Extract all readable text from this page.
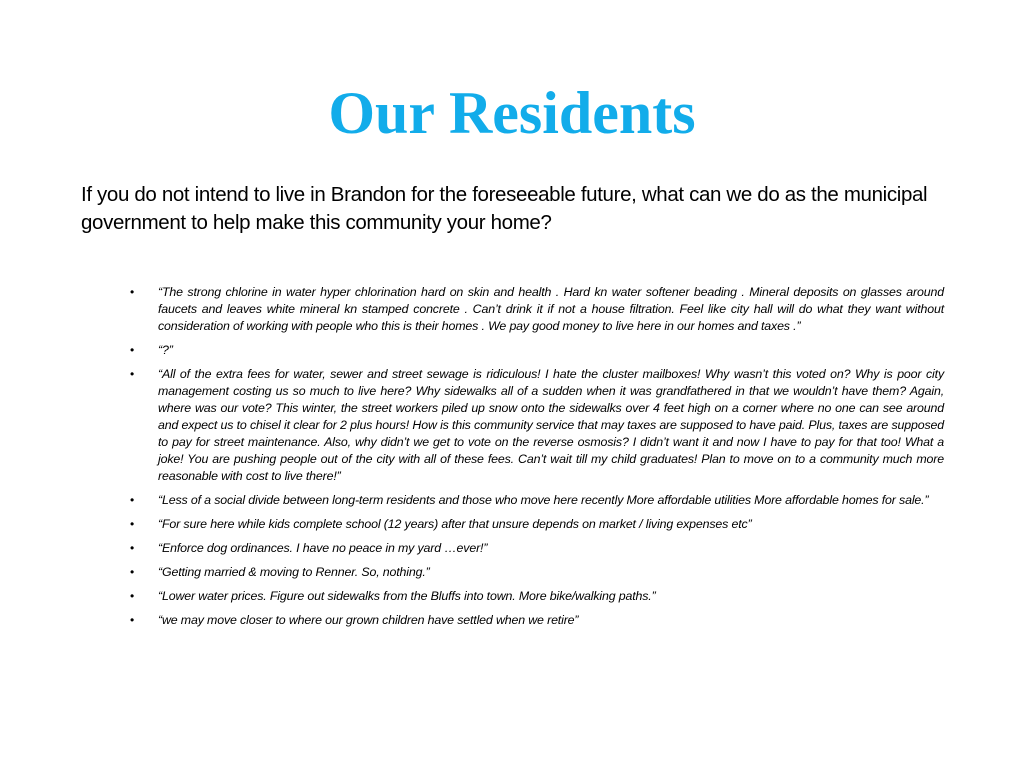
Our Residents

If you do not intend to live in Brandon for the foreseeable future, what can we do as the municipal government to help make this community your home?

• “The strong chlorine in water hyper chlorination hard on skin and health . Hard kn water softener beading . Mineral deposits on glasses around faucets and leaves white mineral kn stamped concrete . Can’t drink it if not a house filtration. Feel like city hall will do what they want without consideration of working with people who this is their homes . We pay good money to live here in our homes and taxes .”
• “?”
• “All of the extra fees for water, sewer and street sewage is ridiculous! I hate the cluster mailboxes! Why wasn’t this voted on? Why is poor city management costing us so much to live here? Why sidewalks all of a sudden when it was grandfathered in that we wouldn’t have them? Again, where was our vote? This winter, the street workers piled up snow onto the sidewalks over 4 feet high on a corner where no one can see around and expect us to chisel it clear for 2 plus hours! How is this community service that may taxes are supposed to have paid. Plus, taxes are supposed to pay for street maintenance. Also, why didn’t we get to vote on the reverse osmosis? I didn’t want it and now I have to pay for that too! What a joke! You are pushing people out of the city with all of these fees. Can’t wait till my child graduates! Plan to move on to a community much more reasonable with cost to live there!”
• “Less of a social divide between long-term residents and those who move here recently More affordable utilities More affordable homes for sale.”
• “For sure here while kids complete school (12 years) after that unsure depends on market / living expenses etc”
• “Enforce dog ordinances. I have no peace in my yard …ever!”
• “Getting married & moving to Renner. So, nothing.”
• “Lower water prices. Figure out sidewalks from the Bluffs into town. More bike/walking paths.”
• “we may move closer to where our grown children have settled when we retire”
